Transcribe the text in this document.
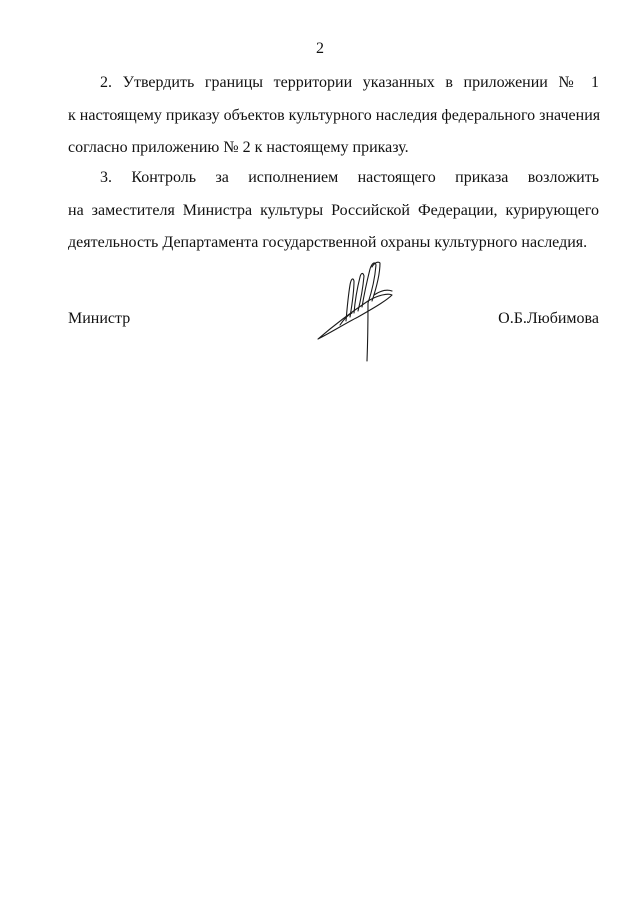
2
2. Утвердить границы территории указанных в приложении № 1
к настоящему приказу объектов культурного наследия федерального значения
согласно приложению № 2 к настоящему приказу.
3. Контроль за исполнением настоящего приказа возложить
на заместителя Министра культуры Российской Федерации, курирующего
деятельность Департамента государственной охраны культурного наследия.
Министр	О.Б.Любимова
